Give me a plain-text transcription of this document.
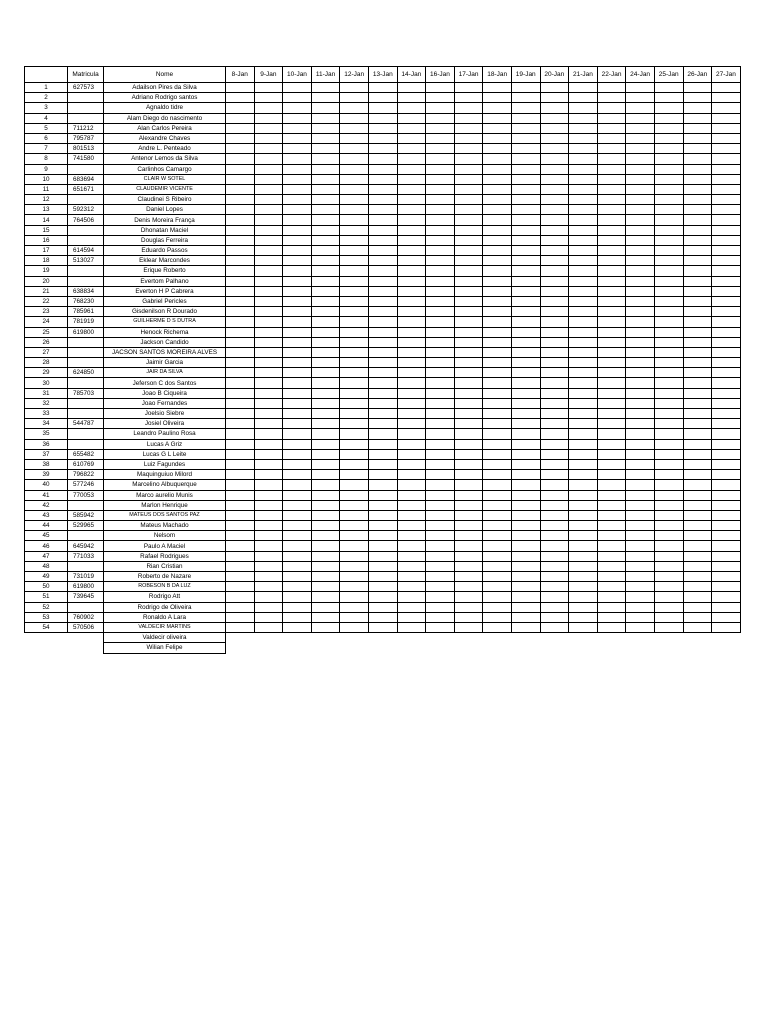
	Matricula	Nome	8-Jan	9-Jan	10-Jan	11-Jan	12-Jan	13-Jan	14-Jan	16-Jan	17-Jan	18-Jan	19-Jan	20-Jan	21-Jan	22-Jan	24-Jan	25-Jan	26-Jan	27-Jan
1	627573	Adailson Pires da Silva																		
2		Adriano Rodrigo santos																		
3		Agnaldo tidre																		
4		Alam Diego do nascimento																		
5	711212	Alan Carlos Pereira																		
6	795787	Alexandre Chaves																		
7	801513	Andre L. Penteado																		
8	741580	Antenor Lemos da Silva																		
9		Carlinhos Camargo																		
10	683694	CLAIR W SOTEL																		
11	651671	CLAUDEMIR VICENTE																		
12		Claudinei S Ribeiro																		
13	592312	Daniel Lopes																		
14	764506	Denis Moreira França																		
15		Dhonatan Maciel																		
16		Douglas Ferreira																		
17	614594	Eduardo Passos																		
18	513027	Eklear Marcondes																		
19		Erique Roberto																		
20		Evertom Palhano																		
21	638834	Everton H P Cabrera																		
22	768230	Gabriel Pericles																		
23	785961	Gisdenilson R Dourado																		
24	781919	GUILHERME D S DUTRA																		
25	619800	Henock Richema																		
26		Jackson Candido																		
27		JACSON SANTOS MOREIRA ALVES																		
28		Jaimir Garcia																		
29	624850	JAIR DA SILVA																		
30		Jeferson C dos Santos																		
31	785703	Joao B Ciqueira																		
32		Joao Fernandes																		
33		Joelsio Siebre																		
34	544787	Josiel Oliveira																		
35		Leandro Paulino Rosa																		
36		Lucas A Griz																		
37	655482	Lucas G L Leite																		
38	610769	Luiz Fagundes																		
39	796822	Maquinguiuo Milord																		
40	577246	Marcelino Albuquerque																		
41	770053	Marco aurelio Munis																		
42		Marlon Henrique																		
43	585942	MATEUS DOS SANTOS PAZ																		
44	529965	Mateus Machado																		
45		Nelsom																		
46	645942	Paulo A Maciel																		
47	771033	Rafael Rodrigues																		
48		Rian Cristian																		
49	731019	Roberto de Nazare																		
50	619800	ROBESON B DA LUZ																		
51	739645	Rodrigo Att																		
52		Rodrigo de Oliveira																		
53	760902	Ronaldo A Lara																		
54	570506	VALDECIR MARTINS																		
		Valdecir oliveira																		
		Wilian Felipe																		
